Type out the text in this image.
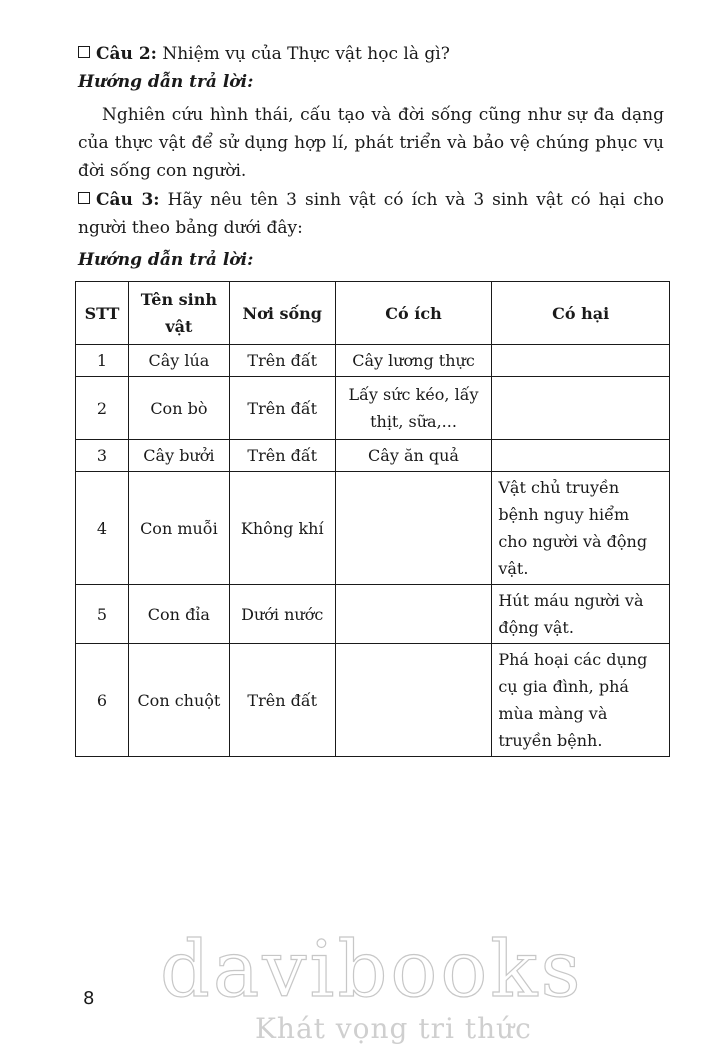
Câu 2: Nhiệm vụ của Thực vật học là gì?
Hướng dẫn trả lời:
Nghiên cứu hình thái, cấu tạo và đời sống cũng như sự đa dạng của thực vật để sử dụng hợp lí, phát triển và bảo vệ chúng phục vụ đời sống con người.
Câu 3: Hãy nêu tên 3 sinh vật có ích và 3 sinh vật có hại cho người theo bảng dưới đây:
Hướng dẫn trả lời:
STT	Tên sinh vật	Nơi sống	Có ích	Có hại
1	Cây lúa	Trên đất	Cây lương thực	
2	Con bò	Trên đất	Lấy sức kéo, lấy thịt, sữa,...	
3	Cây bưởi	Trên đất	Cây ăn quả	
4	Con muỗi	Không khí		Vật chủ truyền bệnh nguy hiểm cho người và động vật.
5	Con đỉa	Dưới nước		Hút máu người và động vật.
6	Con chuột	Trên đất		Phá hoại các dụng cụ gia đình, phá mùa màng và truyền bệnh.
8 davibooks
Khát vọng tri thức
